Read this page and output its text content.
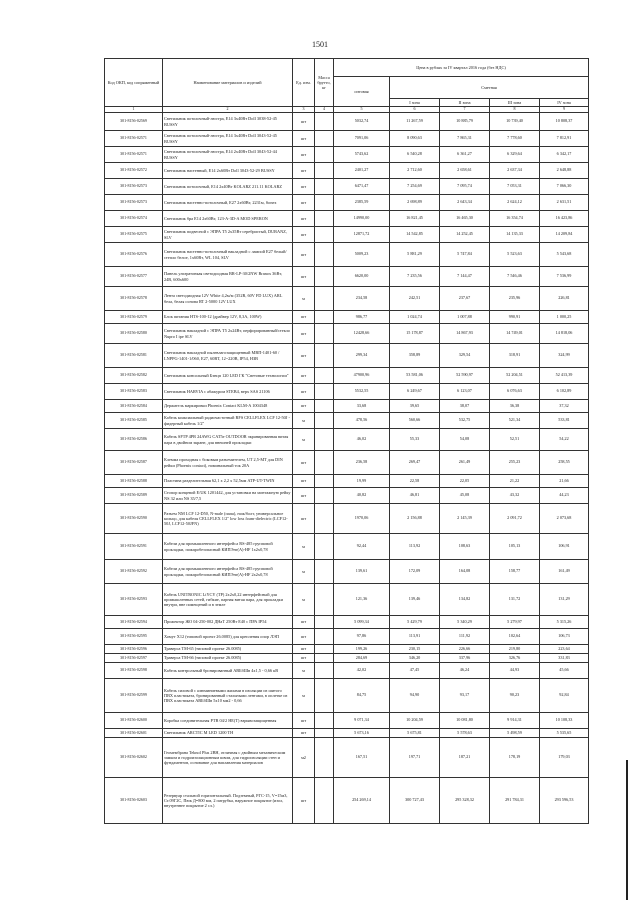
1501
Код ОКП, код сопряженный	Наименование материалов и изделий	Ед. изм.	Масса брутто, кг	Цена в рублях за IV квартал 2016 года (без НДС)				
				оптовая	Сметная			
					I зона	II зона	III зона	IV зона
1	2	3	4	5	6	7	8	9
301-8156-02569	Светильник потолочный-люстра, E14 3х40Вт Doll 3038-52-45 BUSSY	шт		5032,74	11 267,59	10 885,79	10 739,40	10 808,37
301-8156-02571	Светильник потолочный-люстра, E14 3х40Вт Doll 3043-52-45 BUSSY	шт		7091,06	8 090,63	7 865,31	7 778,60	7 812,91
301-8156-02571	Светильник потолочный-люстра, E14 2х40Вт Doll 3043-52-44 BUSSY	шт		5743,62	6 540,28	6 361,27	6 329,64	6 342,17
301-8156-02572	Светильник настенный, E14 2х60Вт Doll 3043-52-29 BUSSY	шт		2401,27	2 712,60	2 658,61	2 637,34	2 648,88
301-8156-02573	Светильник потолочный, E14 2х40Вт KOLARZ 211.11 KOLARZ	шт		6471,47	7 254,69	7 095,74	7 053,31	7 066,30
301-8156-02573	Светильник настенно-потолочный, E27 2х60Вт, 2231м, Sonex	шт		2385,59	2 698,89	2 643,34	2 624,12	2 631,51
301-8156-02574	Светильник бра E14 2х60Вт, 123-А-3D-A MOD SPERON	шт		14990,00	16 821,45	16 465,30	16 354,74	16 423,86
301-8156-02575	Светильник подвесной с ЭПРА T5 2х35Вт серебристый, DURANZ, SLV	шт		12871,72	14 542,85	14 252,45	14 135,33	14 209,84
301-8156-02576	Светильник настенно-потолочный накладной с лампой E27 белый/степло белое, 1х60Вт, WL 104, SLV	шт		5009,23	5 881,29	5 747,84	5 523,63	5 543,68
301-8156-02577	Панель ультратонкая светодиодная BR-LP-30/2NW Branox 36Вт, 24В, 600х600	шт		6620,00	7 235,56	7 144,47	7 546,46	7 536,99
301-8156-02578	Лента светодиодная 12V White 4,2м/м (352R, 60V FD LUX) ARL бела, белая основа RT 2-5000 12V LUX	м		234,58	242,51	237,67	235,96	226,81
301-8156-02579	Блок питания HTS-100-12 (драйвер 12V, 8,3А, 100W)	шт		986,77	1 024,74	1 007,88	990,91	1 000,25
301-8156-02580	Светильник накладной с ЭПРА T5 2х24Вт, перфорированный/стекло Nupro I ipe SLV	шт		12428,66	15 178,87	14 867,93	14 749,01	14 818,06
301-8156-02581	Светильник накладной пылевлагозащищенный МВП-1401-60 / LNPPG-1401-1/060, E27, 60ВТ, 12~220В, IP54, НЗВ	шт		299,34	358,89	329,54	318,91	324,99
301-8156-02582	Светильник консольный Бэнцп 120 LED ГК "Световые технологии"	шт		47900,96	53 581,06	52 590,97	52 204,51	52 413,39
301-8156-02583	Светильник HARVIA с абажуром STEB4, верх SAS 21106	шт		5532,55	6 249,67	6 123,07	6 076,63	6 102,89
301-8156-02584	Держатель маркировки Phoenix Contact KLM-A 1004348	шт		33,68	39,65	38,07	36,38	37,32
301-8156-02585	Кабель коаксиальный радиочастотный RFS CELLFLEX LCF 12-50J - фидерный кабель 1/2"	м		478,56	560,66	532,75	521,34	533,81
301-8156-02586	Кабель SFTP 4PR 24AWG CAT5e OUTDOOR экранированная витая пара в двойном экране, для внешней прокладки	м		46,02	55,33	54,08	52,51	54,22
301-8156-02587	Клемма проходная с боковым разъемителем, UT 2,5-MT для DIN рейки (Phoenix contact), номинальный ток 20А	шт		236,58	269,47	261,49	255,23	258,55
301-8156-02588	Пластина разделительная 62,1 х 2,2 х 52,5мм ATP-UT-TWIN	шт		19,99	22,58	22,05	21,22	21,66
301-8156-02589	Стопор концевой E/UK 1201442, для установки на монтажную рейку NS 32 или NS 35/7,5	шт		40,82	46,81	45,08	43,32	44,23
301-8156-02590	Разъем NM LCF 12-D50, N-male (папа), нож/болт, универсальное кольцо, для кабеля CELLFLEX 1/2" low loss foam-dielectric (LCF12-50J, LCF12-50JFN)	шт		1970,06	2 156,88	2 145,39	2 091,72	2 073,68
301-8156-02591	Кабели для промышленного интерфейса RS-485 групповой прокладки, пожаробезопасный КИПЭнг(А)-HF 1х2х0,78	м		92,44	113,92	108,63	105,13	106,91
301-8156-02592	Кабели для промышленного интерфейса RS-485 групповой прокладки, пожаробезопасный КИПЭнг(А)-HF 2х2х0,78	м		139,61	172,09	164,08	158,77	161,49
301-8156-02593	Кабель UNITRONIC LiYCY (TP) 2х2х0,22 интерфейсный для промышленных сетей, гибкие, парная витая пара, для прокладки внутри, вне помещений и в земле	м		121,36	139,46	134,82	131,72	131,29
301-8156-02594	Прожектор ЖО 04-250-002 ДНаТ 250Вт Е40 с ПРА IP54	шт		5 099,34	5 429,79	5 340,29	5 279,97	5 315,26
301-8156-02595	Хомут Х12 (типовой проект 26.0085) для крепления опор ЛЭП	шт		97,86	113,91	111,92	102,64	106,73
301-8156-02596	Траверса ТМ-65 (типовой проект 26.0085)	шт		199,26	230,15	226,66	219,80	223,64
301-8156-02597	Траверса ТМ-66 (типовой проект 26.0085)	шт		284,69	346,20	337,96	326,76	331,83
301-8156-02598	Кабель контрольный бронированный АВБбШв 4х1,5 - 0,66 кВ	м		42,02	47,45	46,24	44,93	45,66
301-8156-02599	Кабель силовой с алюминиевыми жилами в изоляции из шитого ПВХ пластиката, бронированный стальными лентами, в оплетке из ПВХ пластиката АВБбШв 5х10 мм2 - 0,66	м		84,75	94,90	93,17	90,23	92,84
301-8156-02600	Коробка соединительная РТВ 04/2 НЕ(Т) взрывозащищенная	шт		9 071,34	10 204,59	10 081,80	9 914,31	10 108,33
301-8156-02601	Светильник ARCTIC M LED 1200 TH	шт		5 673,16	5 675,81	5 578,63	5 498,59	5 535,65
301-8156-02602	Геомембрана Teknol Plus 2BH, отличная с двойным механическим замком и гидроизоляционным швом, для гидроизоляции стен и фундаментов, основание для наплавления материалов	м2		167,51	197,71	187,21	178,19	179,03
301-8156-02603	Резервуар стальной горизонтальный. Подземный, РГС-15, V=15м3, Ст.09Г2С, Пюк Д=800 мм, 2 патрубка, наружное покрытие (изол, внутреннее покрытие 2 сл.)	шт		254 269,14	300 727,43	295 328,32	291 784,31	293 596,53
